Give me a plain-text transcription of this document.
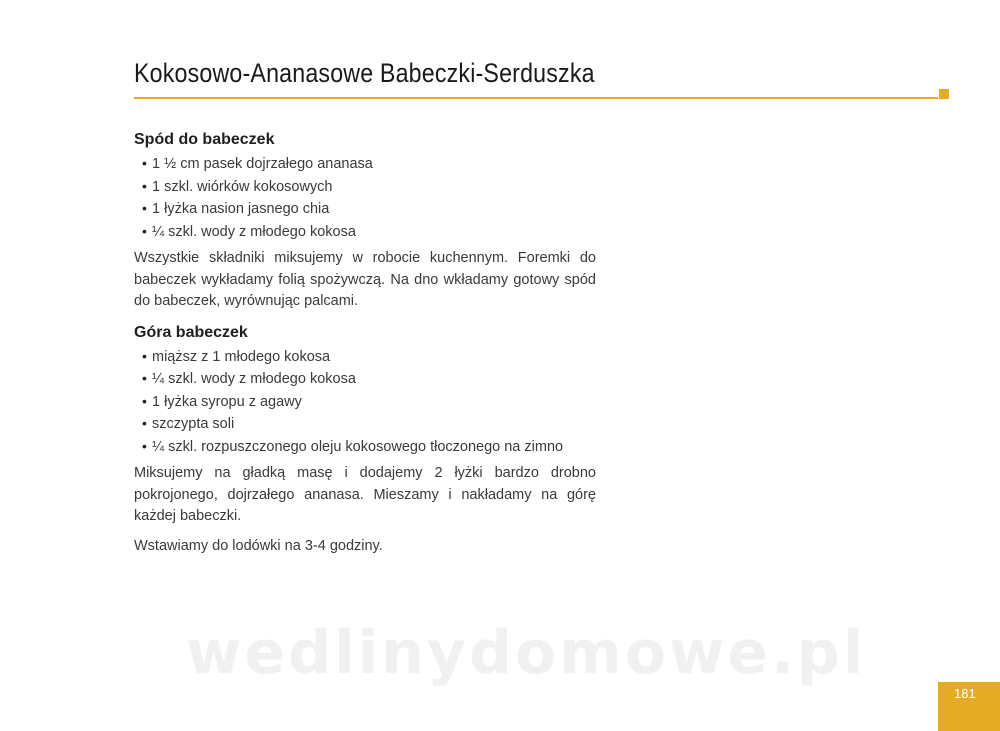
Kokosowo-Ananasowe Babeczki-Serduszka
Spód do babeczek
• 1 ½ cm pasek dojrzałego ananasa
• 1 szkl. wiórków kokosowych
• 1 łyżka nasion jasnego chia
• ¼ szkl. wody z młodego kokosa

Wszystkie składniki miksujemy w robocie kuchennym. Foremki do babeczek wykładamy folią spożywczą. Na dno wkładamy gotowy spód do babeczek, wyrównując palcami.

Góra babeczek
• miąższ z 1 młodego kokosa
• ¼ szkl. wody z młodego kokosa
• 1 łyżka syropu z agawy
• szczypta soli
• ¼ szkl. rozpuszczonego oleju kokosowego tłoczonego na zimno

Miksujemy na gładką masę i dodajemy 2 łyżki bardzo drobno pokrojonego, dojrzałego ananasa. Mieszamy i nakładamy na górę każdej babeczki.

Wstawiamy do lodówki na 3-4 godziny.

wedlinydomowe.pl
181
